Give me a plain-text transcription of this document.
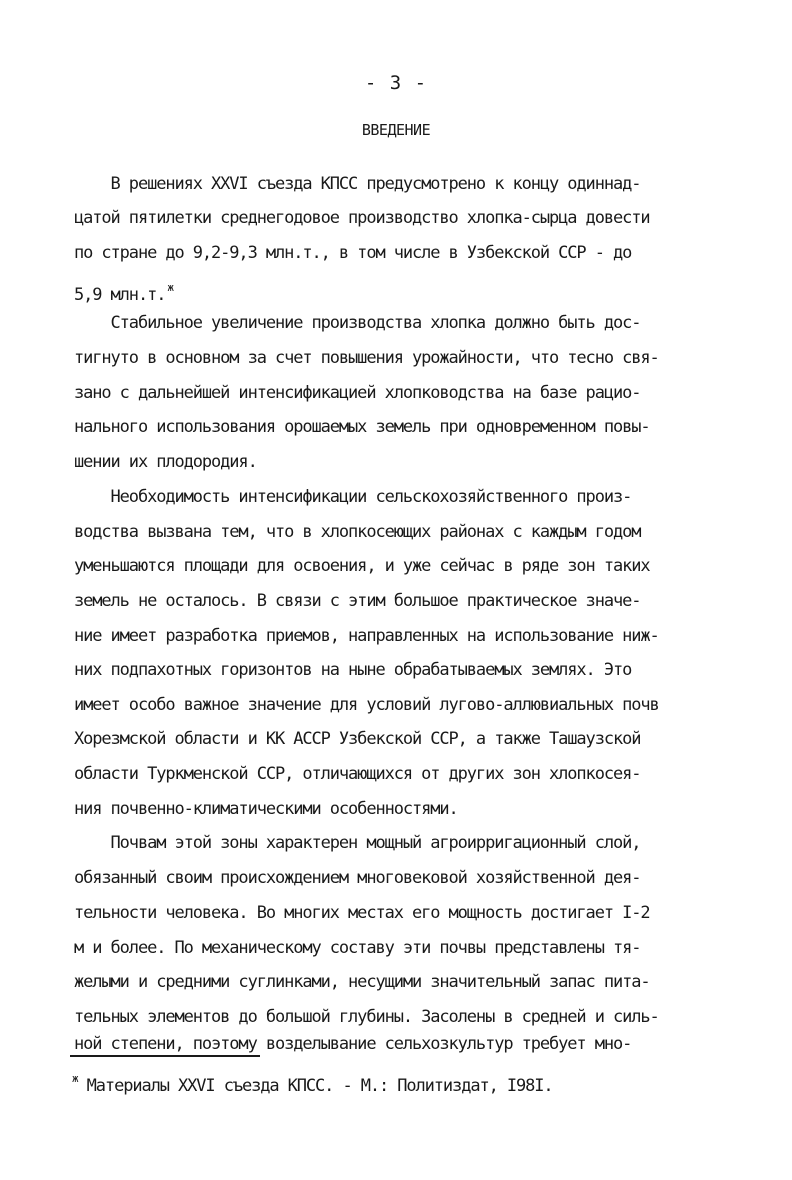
- 3 -
ВВЕДЕНИЕ
В решениях XXVI съезда КПСС предусмотрено к концу одиннад-
цатой пятилетки среднегодовое производство хлопка-сырца довести
по стране до 9,2-9,3 млн.т., в том числе в Узбекской ССР - до
5,9 млн.т. $^ж$
Стабильное увеличение производства хлопка должно быть дос-
тигнуто в основном за счет повышения урожайности, что тесно свя-
зано с дальнейшей интенсификацией хлопководства на базе рацио-
нального использования орошаемых земель при одновременном повы-
шении их плодородия.
Необходимость интенсификации сельскохозяйственного произ-
водства вызвана тем, что в хлопкосеющих районах с каждым годом
уменьшаются площади для освоения, и уже сейчас в ряде зон таких
земель не осталось. В связи с этим большое практическое значе-
ние имеет разработка приемов, направленных на использование ниж-
них подпахотных горизонтов на ныне обрабатываемых землях. Это
имеет особо важное значение для условий лугово-аллювиальных почв
Хорезмской области и КК АССР Узбекской ССР, а также Ташаузской
области Туркменской ССР, отличающихся от других зон хлопкосея-
ния почвенно-климатическими особенностями.
Почвам этой зоны характерен мощный агроирригационный слой,
обязанный своим происхождением многовековой хозяйственной дея-
тельности человека. Во многих местах его мощность достигает I-2
м и более. По механическому составу эти почвы представлены тя-
желыми и средними суглинками, несущими значительный запас пита-
тельных элементов до большой глубины. Засолены в средней и силь-
ной степени, поэтому возделывание сельхозкультур требует мно-
$^ж$ Материалы XXVI съезда КПСС. - М.: Политиздат, I98I.
